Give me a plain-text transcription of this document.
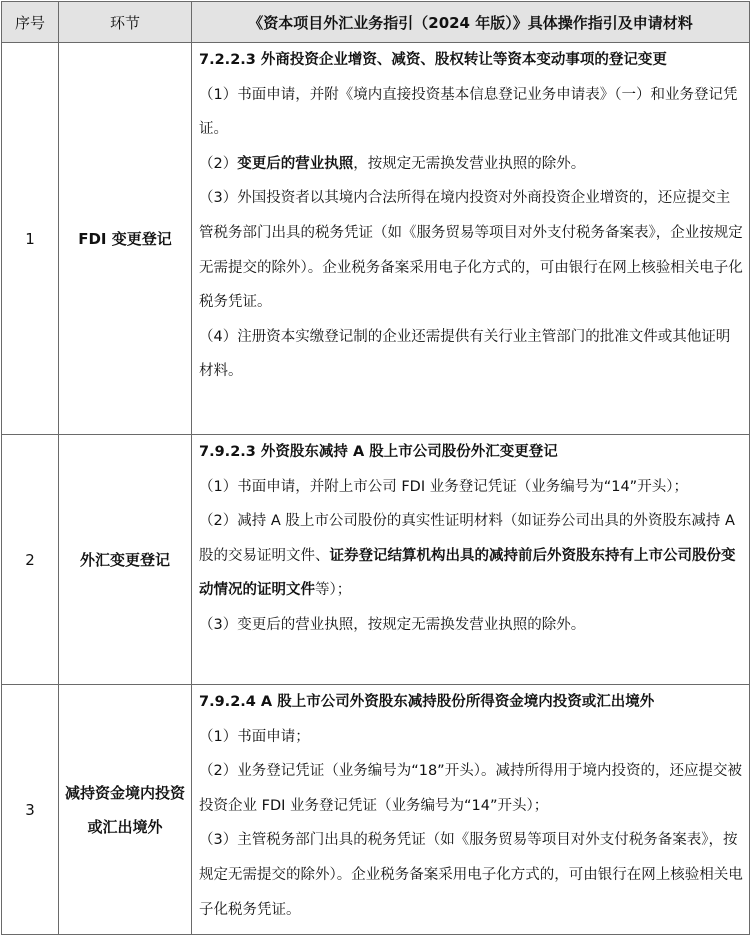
序号	环节	《资本项目外汇业务指引（2024 年版）》具体操作指引及申请材料
1	FDI 变更登记	7.2.2.3 外商投资企业增资、减资、股权转让等资本变动事项的登记变更
（1）书面申请，并附《境内直接投资基本信息登记业务申请表》（一）和业务登记凭证。
（2）变更后的营业执照，按规定无需换发营业执照的除外。
（3）外国投资者以其境内合法所得在境内投资对外商投资企业增资的，还应提交主管税务部门出具的税务凭证（如《服务贸易等项目对外支付税务备案表》，企业按规定无需提交的除外）。企业税务备案采用电子化方式的，可由银行在网上核验相关电子化税务凭证。
（4）注册资本实缴登记制的企业还需提供有关行业主管部门的批准文件或其他证明材料。

2	外汇变更登记	7.9.2.3 外资股东减持 A 股上市公司股份外汇变更登记
（1）书面申请，并附上市公司 FDI 业务登记凭证（业务编号为“14”开头）；
（2）减持 A 股上市公司股份的真实性证明材料（如证券公司出具的外资股东减持 A 股的交易证明文件、证券登记结算机构出具的减持前后外资股东持有上市公司股份变动情况的证明文件等）；
（3）变更后的营业执照，按规定无需换发营业执照的除外。

3	减持资金境内投资或汇出境外	7.9.2.4 A 股上市公司外资股东减持股份所得资金境内投资或汇出境外
（1）书面申请；
（2）业务登记凭证（业务编号为“18”开头）。减持所得用于境内投资的，还应提交被投资企业 FDI 业务登记凭证（业务编号为“14”开头）；
（3）主管税务部门出具的税务凭证（如《服务贸易等项目对外支付税务备案表》，按规定无需提交的除外）。企业税务备案采用电子化方式的，可由银行在网上核验相关电子化税务凭证。
